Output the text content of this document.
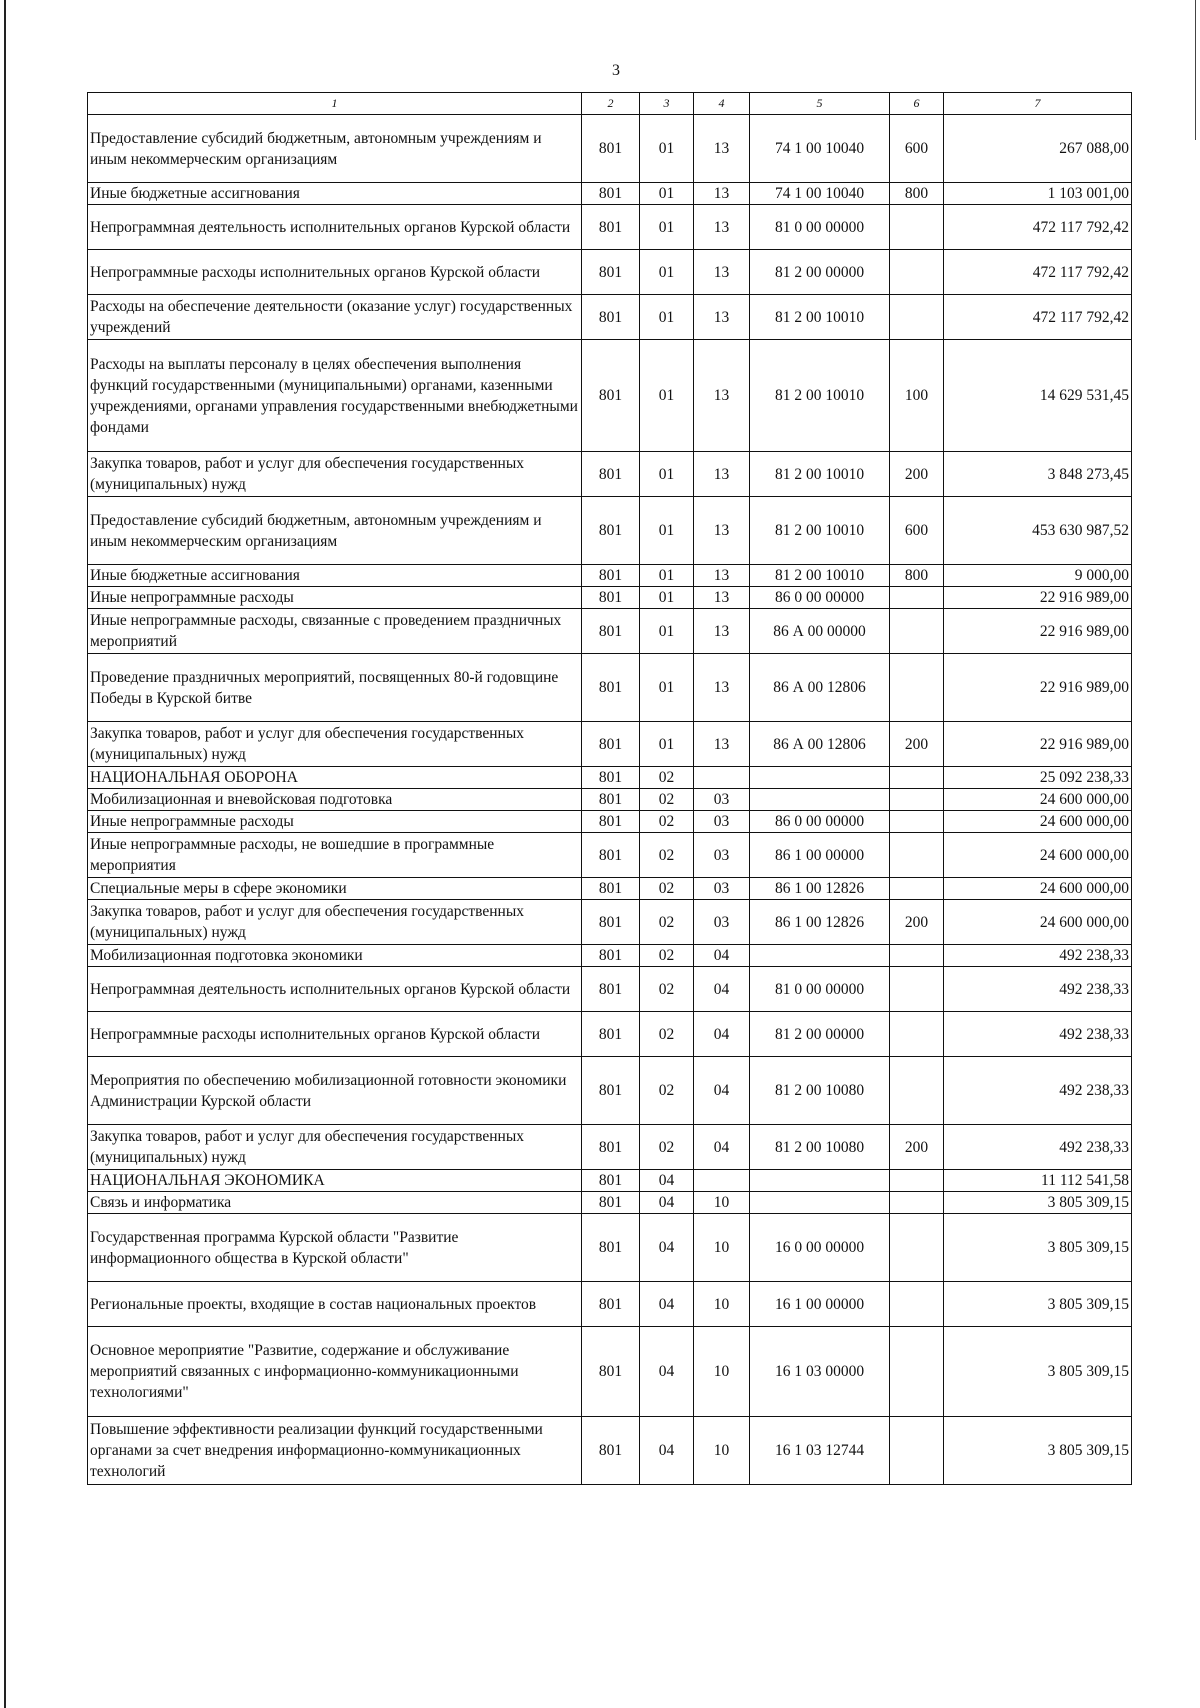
3
1	2	3	4	5	6	7
Предоставление субсидий бюджетным, автономным учреждениям и иным некоммерческим организациям	801	01	13	74 1 00 10040	600	267 088,00
Иные бюджетные ассигнования	801	01	13	74 1 00 10040	800	1 103 001,00
Непрограммная деятельность исполнительных органов Курской области	801	01	13	81 0 00 00000		472 117 792,42
Непрограммные расходы исполнительных органов Курской области	801	01	13	81 2 00 00000		472 117 792,42
Расходы на обеспечение деятельности (оказание услуг) государственных учреждений	801	01	13	81 2 00 10010		472 117 792,42
Расходы на выплаты персоналу в целях обеспечения выполнения функций государственными (муниципальными) органами, казенными учреждениями, органами управления государственными внебюджетными фондами	801	01	13	81 2 00 10010	100	14 629 531,45
Закупка товаров, работ и услуг для обеспечения государственных (муниципальных) нужд	801	01	13	81 2 00 10010	200	3 848 273,45
Предоставление субсидий бюджетным, автономным учреждениям и иным некоммерческим организациям	801	01	13	81 2 00 10010	600	453 630 987,52
Иные бюджетные ассигнования	801	01	13	81 2 00 10010	800	9 000,00
Иные непрограммные расходы	801	01	13	86 0 00 00000		22 916 989,00
Иные непрограммные расходы, связанные с проведением праздничных мероприятий	801	01	13	86 А 00 00000		22 916 989,00
Проведение праздничных мероприятий, посвященных 80-й годовщине Победы в Курской битве	801	01	13	86 А 00 12806		22 916 989,00
Закупка товаров, работ и услуг для обеспечения государственных (муниципальных) нужд	801	01	13	86 А 00 12806	200	22 916 989,00
НАЦИОНАЛЬНАЯ ОБОРОНА	801	02				25 092 238,33
Мобилизационная и вневойсковая подготовка	801	02	03			24 600 000,00
Иные непрограммные расходы	801	02	03	86 0 00 00000		24 600 000,00
Иные непрограммные расходы, не вошедшие в программные мероприятия	801	02	03	86 1 00 00000		24 600 000,00
Специальные меры в сфере экономики	801	02	03	86 1 00 12826		24 600 000,00
Закупка товаров, работ и услуг для обеспечения государственных (муниципальных) нужд	801	02	03	86 1 00 12826	200	24 600 000,00
Мобилизационная подготовка экономики	801	02	04			492 238,33
Непрограммная деятельность исполнительных органов Курской области	801	02	04	81 0 00 00000		492 238,33
Непрограммные расходы исполнительных органов Курской области	801	02	04	81 2 00 00000		492 238,33
Мероприятия по обеспечению мобилизационной готовности экономики Администрации Курской области	801	02	04	81 2 00 10080		492 238,33
Закупка товаров, работ и услуг для обеспечения государственных (муниципальных) нужд	801	02	04	81 2 00 10080	200	492 238,33
НАЦИОНАЛЬНАЯ ЭКОНОМИКА	801	04				11 112 541,58
Связь и информатика	801	04	10			3 805 309,15
Государственная программа Курской области "Развитие информационного общества в Курской области"	801	04	10	16 0 00 00000		3 805 309,15
Региональные проекты, входящие в состав национальных проектов	801	04	10	16 1 00 00000		3 805 309,15
Основное мероприятие "Развитие, содержание и обслуживание мероприятий связанных с информационно-коммуникационными технологиями"	801	04	10	16 1 03 00000		3 805 309,15
Повышение эффективности реализации функций государственными органами за счет внедрения информационно-коммуникационных технологий	801	04	10	16 1 03 12744		3 805 309,15
